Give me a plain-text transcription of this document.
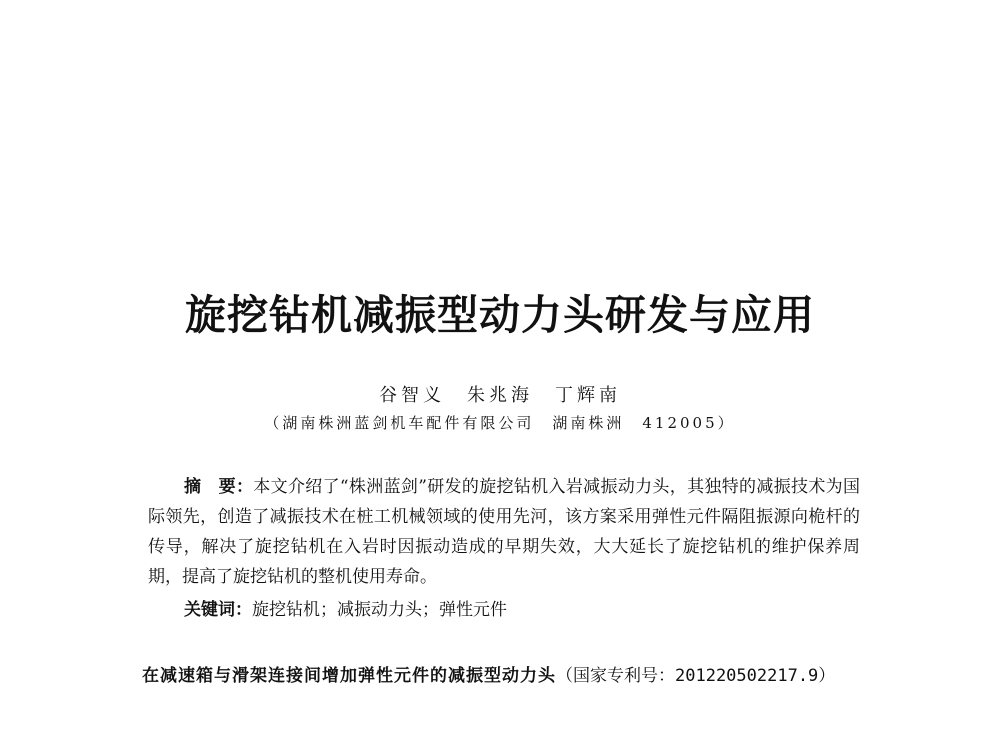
旋挖钻机减振型动力头研发与应用
谷智义　朱兆海　丁辉南
（湖南株洲蓝剑机车配件有限公司　湖南株洲　412005）
摘　要：本文介绍了“株洲蓝剑”研发的旋挖钻机入岩减振动力头，其独特的减振技术为国际领先，创造了减振技术在桩工机械领域的使用先河，该方案采用弹性元件隔阻振源向桅杆的传导，解决了旋挖钻机在入岩时因振动造成的早期失效，大大延长了旋挖钻机的维护保养周期，提高了旋挖钻机的整机使用寿命。
关键词：旋挖钻机；减振动力头；弹性元件
在减速箱与滑架连接间增加弹性元件的减振型动力头（国家专利号：201220502217.9）
